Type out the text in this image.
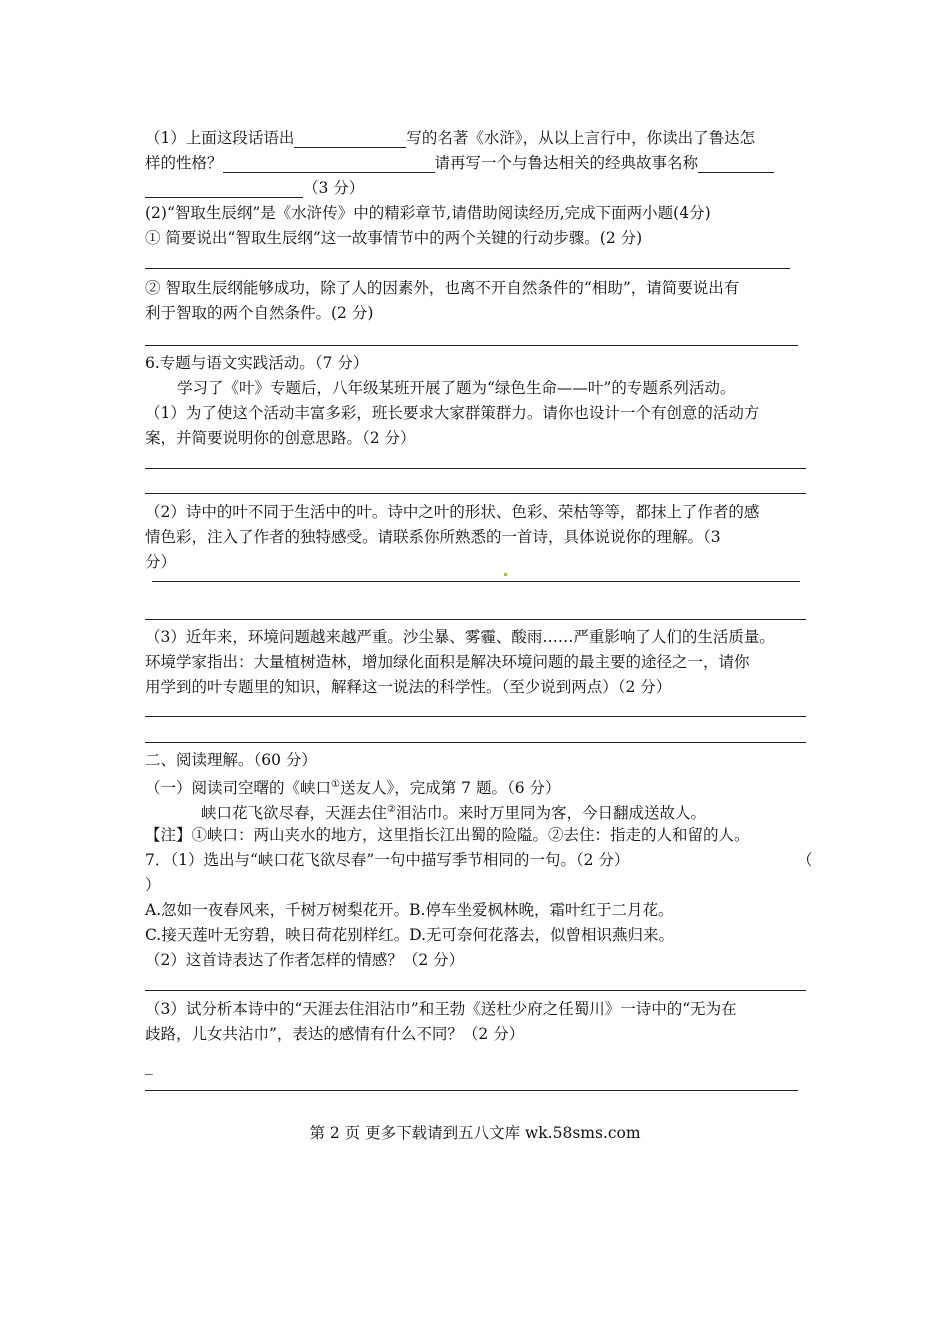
（1）上面这段话语出	写的名著《水浒》，从以上言行中，你读出了鲁达怎
样的性格？	请再写一个与鲁达相关的经典故事名称
（3 分）
(2)“智取生辰纲”是《水浒传》中的精彩章节,请借助阅读经历,完成下面两小题(4分)
① 简要说出“智取生辰纲”这一故事情节中的两个关键的行动步骤。(2 分)
② 智取生辰纲能够成功，除了人的因素外，也离不开自然条件的“相助”，请简要说出有
利于智取的两个自然条件。(2 分)
6.专题与语文实践活动。（7 分）
学习了《叶》专题后，八年级某班开展了题为“绿色生命——叶”的专题系列活动。
（1）为了使这个活动丰富多彩，班长要求大家群策群力。请你也设计一个有创意的活动方
案，并简要说明你的创意思路。（2 分）
（2）诗中的叶不同于生活中的叶。诗中之叶的形状、色彩、荣枯等等，都抹上了作者的感
情色彩，注入了作者的独特感受。请联系你所熟悉的一首诗，具体说说你的理解。（3
分）
（3）近年来，环境问题越来越严重。沙尘暴、雾霾、酸雨……严重影响了人们的生活质量。
环境学家指出：大量植树造林，增加绿化面积是解决环境问题的最主要的途径之一，请你
用学到的叶专题里的知识，解释这一说法的科学性。（至少说到两点）（2 分）
二、阅读理解。（60 分）
（一）阅读司空曙的《峡口①送友人》，完成第 7 题。（6 分）
峡口花飞欲尽春，天涯去住②泪沾巾。来时万里同为客，今日翻成送故人。
【注】①峡口：两山夹水的地方，这里指长江出蜀的险隘。②去住：指走的人和留的人。
7．（1）选出与“峡口花飞欲尽春”一句中描写季节相同的一句。（2 分）	（
）
A.忽如一夜春风来，千树万树梨花开。B.停车坐爱枫林晚，霜叶红于二月花。
C.接天莲叶无穷碧，映日荷花别样红。D.无可奈何花落去，似曾相识燕归来。
（2）这首诗表达了作者怎样的情感？（2 分）
（3）试分析本诗中的“天涯去住泪沾巾”和王勃《送杜少府之任蜀川》一诗中的“无为在
歧路，儿女共沾巾”，表达的感情有什么不同？（2 分）
_
第 2 页 更多下载请到五八文库 wk.58sms.com
